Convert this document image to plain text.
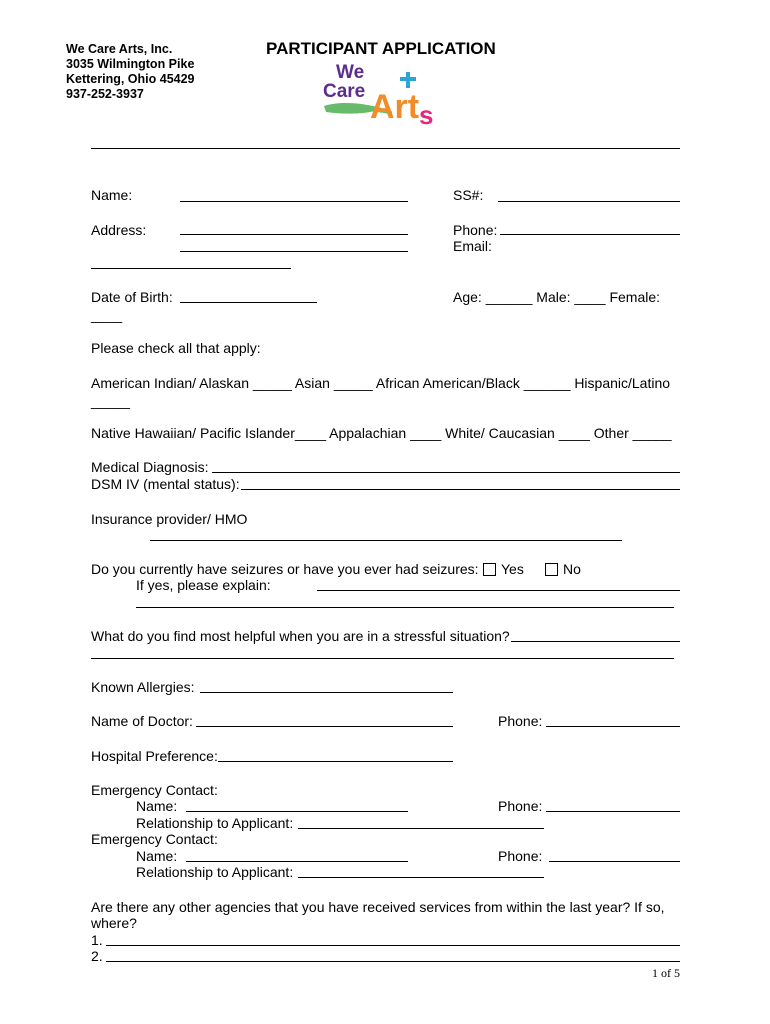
We Care Arts, Inc.
3035 Wilmington Pike
Kettering, Ohio 45429
937-252-3937
PARTICIPANT APPLICATION
We
Care Art s
Name:	SS#:
Address:	Phone:
Email:
Date of Birth:	Age: ______ Male: ____ Female:
____
Please check all that apply:
American Indian/ Alaskan _____ Asian _____ African American/Black ______ Hispanic/Latino
_____
Native Hawaiian/ Pacific Islander____ Appalachian ____ White/ Caucasian ____ Other _____
Medical Diagnosis:
DSM IV (mental status):
Insurance provider/ HMO
Do you currently have seizures or have you ever had seizures: Yes	No
If yes, please explain:
What do you find most helpful when you are in a stressful situation?
Known Allergies:
Name of Doctor:	Phone:
Hospital Preference:
Emergency Contact:
Name:	Phone:
Relationship to Applicant:
Emergency Contact:
Name:	Phone:
Relationship to Applicant:
Are there any other agencies that you have received services from within the last year? If so,
where?
1.
2.
1 of 5
